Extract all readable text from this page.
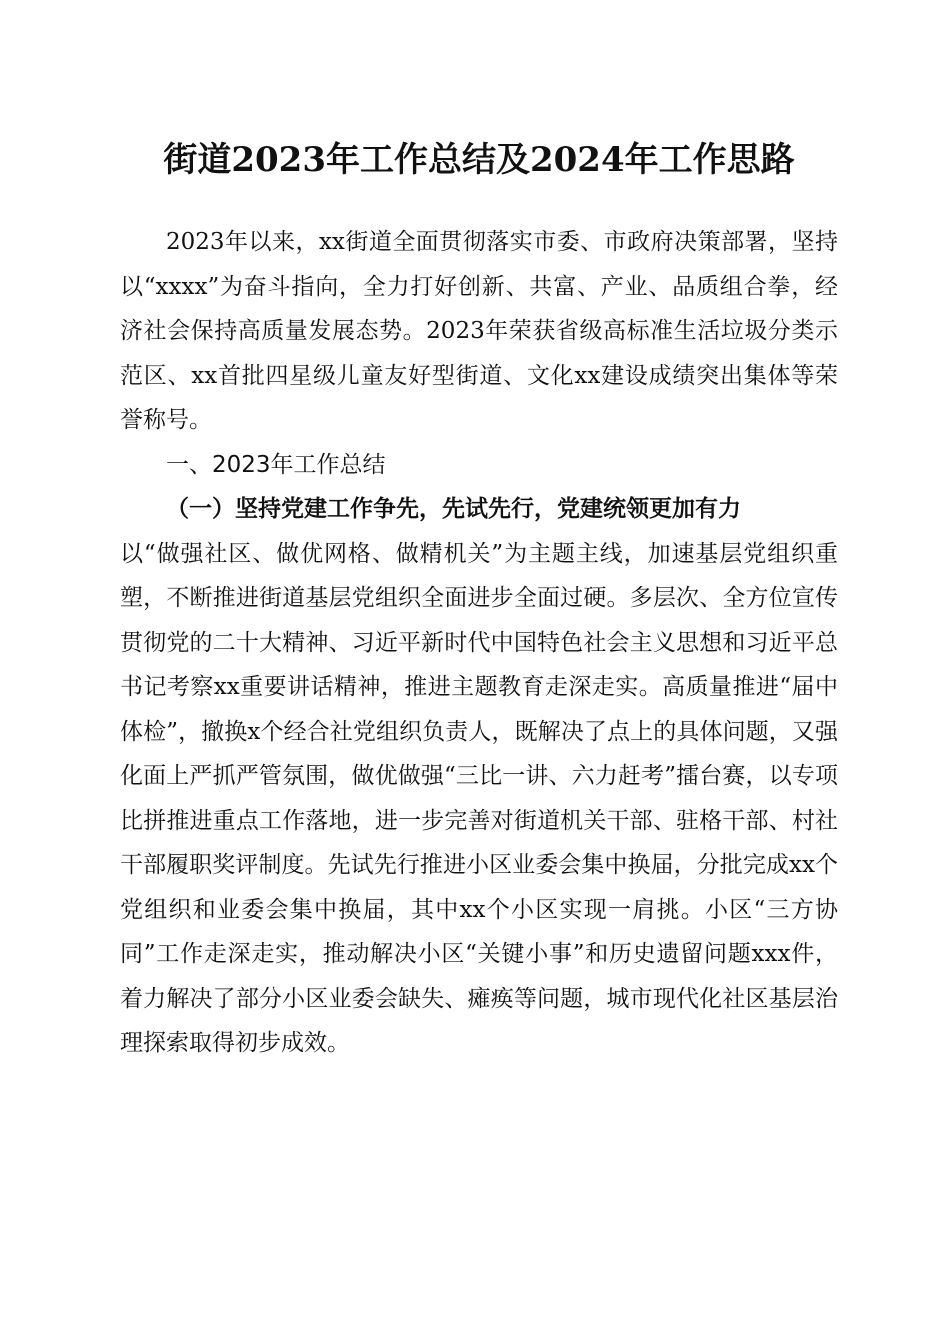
街道2023年工作总结及2024年工作思路

2023年以来，xx街道全面贯彻落实市委、市政府决策部署，坚持以“xxxx”为奋斗指向，全力打好创新、共富、产业、品质组合拳，经济社会保持高质量发展态势。2023年荣获省级高标准生活垃圾分类示范区、xx首批四星级儿童友好型街道、文化xx建设成绩突出集体等荣誉称号。

一、2023年工作总结
（一）坚持党建工作争先，先试先行，党建统领更加有力

以“做强社区、做优网格、做精机关”为主题主线，加速基层党组织重塑，不断推进街道基层党组织全面进步全面过硬。多层次、全方位宣传贯彻党的二十大精神、习近平新时代中国特色社会主义思想和习近平总书记考察xx重要讲话精神，推进主题教育走深走实。高质量推进“届中体检”，撤换x个经合社党组织负责人，既解决了点上的具体问题，又强化面上严抓严管氛围，做优做强“三比一讲、六力赶考”擂台赛，以专项比拼推进重点工作落地，进一步完善对街道机关干部、驻格干部、村社干部履职奖评制度。先试先行推进小区业委会集中换届，分批完成xx个党组织和业委会集中换届，其中xx个小区实现一肩挑。小区“三方协同”工作走深走实，推动解决小区“关键小事”和历史遗留问题xxx件，着力解决了部分小区业委会缺失、瘫痪等问题，城市现代化社区基层治理探索取得初步成效。
